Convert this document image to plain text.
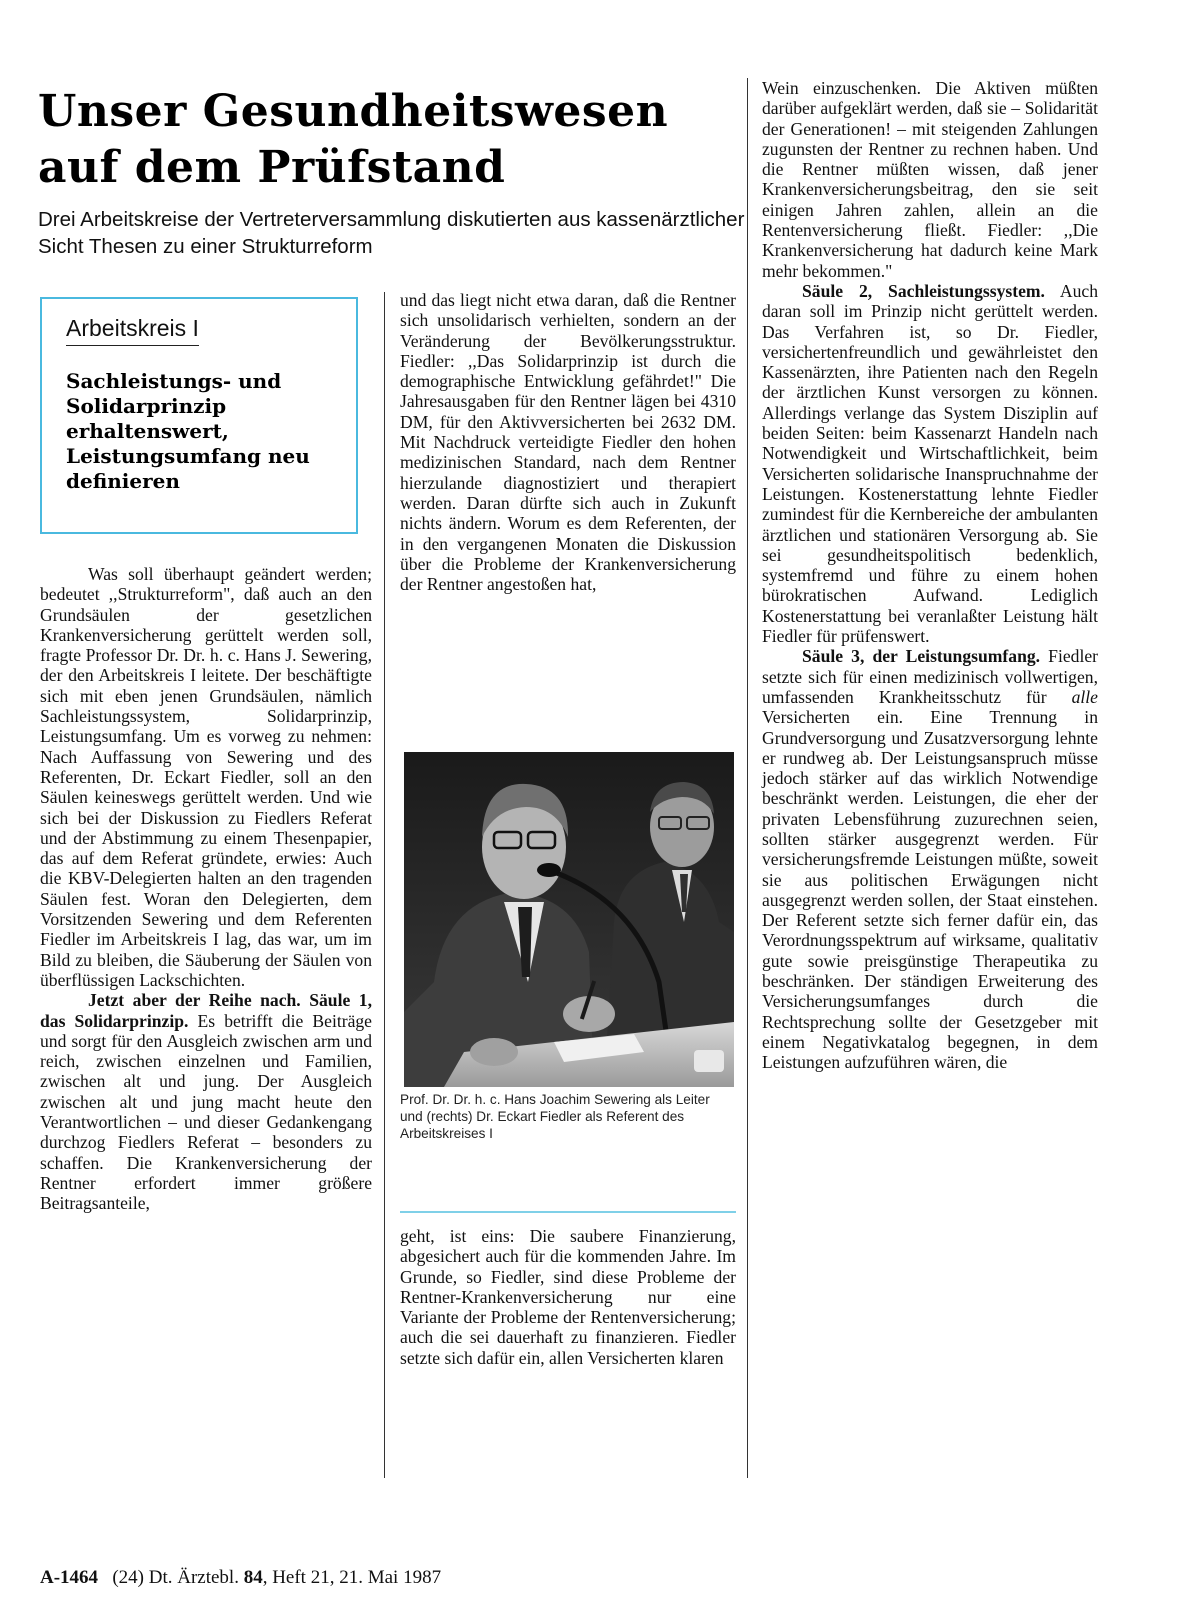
Unser Gesundheitswesen auf dem Prüfstand

Drei Arbeitskreise der Vertreterversammlung diskutierten aus kassenärztlicher Sicht Thesen zu einer Strukturreform

Arbeitskreis I

Sachleistungs- und Solidarprinzip erhaltenswert, Leistungsumfang neu definieren

Was soll überhaupt geändert werden; bedeutet ,,Strukturreform", daß auch an den Grundsäulen der gesetzlichen Krankenversicherung gerüttelt werden soll, fragte Professor Dr. Dr. h. c. Hans J. Sewering, der den Arbeitskreis I leitete. Der beschäftigte sich mit eben jenen Grundsäulen, nämlich Sachleistungssystem, Solidarprinzip, Leistungsumfang. Um es vorweg zu nehmen: Nach Auffassung von Sewering und des Referenten, Dr. Eckart Fiedler, soll an den Säulen keineswegs gerüttelt werden. Und wie sich bei der Diskussion zu Fiedlers Referat und der Abstimmung zu einem Thesenpapier, das auf dem Referat gründete, erwies: Auch die KBV-Delegierten halten an den tragenden Säulen fest. Woran den Delegierten, dem Vorsitzenden Sewering und dem Referenten Fiedler im Arbeitskreis I lag, das war, um im Bild zu bleiben, die Säuberung der Säulen von überflüssigen Lackschichten.

Jetzt aber der Reihe nach. Säule 1, das Solidarprinzip. Es betrifft die Beiträge und sorgt für den Ausgleich zwischen arm und reich, zwischen einzelnen und Familien, zwischen alt und jung. Der Ausgleich zwischen alt und jung macht heute den Verantwortlichen – und dieser Gedankengang durchzog Fiedlers Referat – besonders zu schaffen. Die Krankenversicherung der Rentner erfordert immer größere Beitragsanteile,

und das liegt nicht etwa daran, daß die Rentner sich unsolidarisch verhielten, sondern an der Veränderung der Bevölkerungsstruktur. Fiedler: ,,Das Solidarprinzip ist durch die demographische Entwicklung gefährdet!" Die Jahresausgaben für den Rentner lägen bei 4310 DM, für den Aktivversicherten bei 2632 DM. Mit Nachdruck verteidigte Fiedler den hohen medizinischen Standard, nach dem Rentner hierzulande diagnostiziert und therapiert werden. Daran dürfte sich auch in Zukunft nichts ändern. Worum es dem Referenten, der in den vergangenen Monaten die Diskussion über die Probleme der Krankenversicherung der Rentner angestoßen hat,

Prof. Dr. Dr. h. c. Hans Joachim Sewering als Leiter und (rechts) Dr. Eckart Fiedler als Referent des Arbeitskreises I

geht, ist eins: Die saubere Finanzierung, abgesichert auch für die kommenden Jahre. Im Grunde, so Fiedler, sind diese Probleme der Rentner-Krankenversicherung nur eine Variante der Probleme der Rentenversicherung; auch die sei dauerhaft zu finanzieren. Fiedler setzte sich dafür ein, allen Versicherten klaren

Wein einzuschenken. Die Aktiven müßten darüber aufgeklärt werden, daß sie – Solidarität der Generationen! – mit steigenden Zahlungen zugunsten der Rentner zu rechnen haben. Und die Rentner müßten wissen, daß jener Krankenversicherungsbeitrag, den sie seit einigen Jahren zahlen, allein an die Rentenversicherung fließt. Fiedler: ,,Die Krankenversicherung hat dadurch keine Mark mehr bekommen."

Säule 2, Sachleistungssystem. Auch daran soll im Prinzip nicht gerüttelt werden. Das Verfahren ist, so Dr. Fiedler, versichertenfreundlich und gewährleistet den Kassenärzten, ihre Patienten nach den Regeln der ärztlichen Kunst versorgen zu können. Allerdings verlange das System Disziplin auf beiden Seiten: beim Kassenarzt Handeln nach Notwendigkeit und Wirtschaftlichkeit, beim Versicherten solidarische Inanspruchnahme der Leistungen. Kostenerstattung lehnte Fiedler zumindest für die Kernbereiche der ambulanten ärztlichen und stationären Versorgung ab. Sie sei gesundheitspolitisch bedenklich, systemfremd und führe zu einem hohen bürokratischen Aufwand. Lediglich Kostenerstattung bei veranlaßter Leistung hält Fiedler für prüfenswert.

Säule 3, der Leistungsumfang. Fiedler setzte sich für einen medizinisch vollwertigen, umfassenden Krankheitsschutz für alle Versicherten ein. Eine Trennung in Grundversorgung und Zusatzversorgung lehnte er rundweg ab. Der Leistungsanspruch müsse jedoch stärker auf das wirklich Notwendige beschränkt werden. Leistungen, die eher der privaten Lebensführung zuzurechnen seien, sollten stärker ausgegrenzt werden. Für versicherungsfremde Leistungen müßte, soweit sie aus politischen Erwägungen nicht ausgegrenzt werden sollen, der Staat einstehen. Der Referent setzte sich ferner dafür ein, das Verordnungsspektrum auf wirksame, qualitativ gute sowie preisgünstige Therapeutika zu beschränken. Der ständigen Erweiterung des Versicherungsumfanges durch die Rechtsprechung sollte der Gesetzgeber mit einem Negativkatalog begegnen, in dem Leistungen aufzuführen wären, die

A-1464 (24) Dt. Ärztebl. 84, Heft 21, 21. Mai 1987
